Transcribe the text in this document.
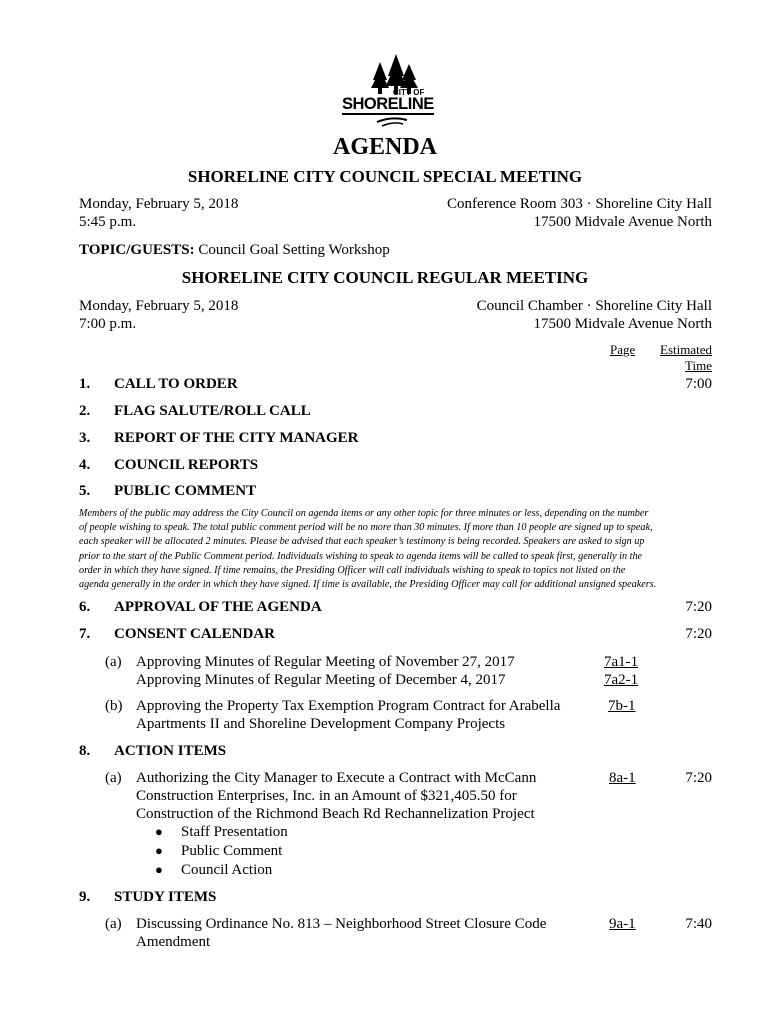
CITY OF
SHORELINE
AGENDA
SHORELINE CITY COUNCIL SPECIAL MEETING
Monday, February 5, 2018
5:45 p.m.
Conference Room 303 · Shoreline City Hall
17500 Midvale Avenue North
TOPIC/GUESTS: Council Goal Setting Workshop
SHORELINE CITY COUNCIL REGULAR MEETING
Monday, February 5, 2018
7:00 p.m.
Council Chamber · Shoreline City Hall
17500 Midvale Avenue North
Page Estimated
Time
1. CALL TO ORDER	7:00
2. FLAG SALUTE/ROLL CALL
3. REPORT OF THE CITY MANAGER
4. COUNCIL REPORTS
5. PUBLIC COMMENT
Members of the public may address the City Council on agenda items or any other topic for three minutes or less, depending on the number
of people wishing to speak. The total public comment period will be no more than 30 minutes. If more than 10 people are signed up to speak,
each speaker will be allocated 2 minutes. Please be advised that each speaker’s testimony is being recorded. Speakers are asked to sign up
prior to the start of the Public Comment period. Individuals wishing to speak to agenda items will be called to speak first, generally in the
order in which they have signed. If time remains, the Presiding Officer will call individuals wishing to speak to topics not listed on the
agenda generally in the order in which they have signed. If time is available, the Presiding Officer may call for additional unsigned speakers.
6. APPROVAL OF THE AGENDA	7:20
7. CONSENT CALENDAR	7:20
(a) Approving Minutes of Regular Meeting of November 27, 2017	7a1-1
Approving Minutes of Regular Meeting of December 4, 2017	7a2-1
(b) Approving the Property Tax Exemption Program Contract for Arabella	7b-1
Apartments II and Shoreline Development Company Projects
8. ACTION ITEMS
(a) Authorizing the City Manager to Execute a Contract with McCann	8a-1	7:20
Construction Enterprises, Inc. in an Amount of $321,405.50 for
Construction of the Richmond Beach Rd Rechannelization Project
● Staff Presentation
● Public Comment
● Council Action
9. STUDY ITEMS
(a) Discussing Ordinance No. 813 – Neighborhood Street Closure Code	9a-1	7:40
Amendment
